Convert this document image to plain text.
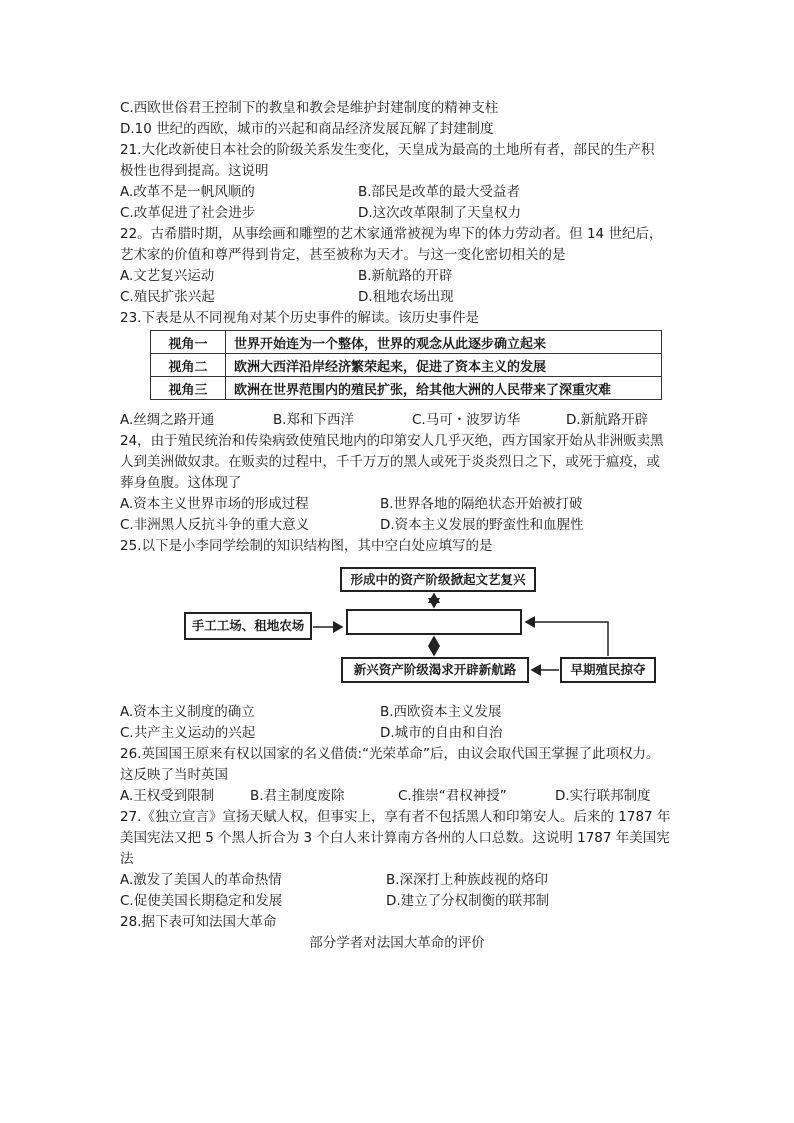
C.西欧世俗君王控制下的教皇和教会是维护封建制度的精神支柱
D.10 世纪的西欧，城市的兴起和商品经济发展瓦解了封建制度
21.大化改新使日本社会的阶级关系发生变化，天皇成为最高的土地所有者，部民的生产积
极性也得到提高。这说明
A.改革不是一帆风顺的	B.部民是改革的最大受益者
C.改革促进了社会进步	D.这次改革限制了天皇权力
22。古希腊时期，从事绘画和雕塑的艺术家通常被视为卑下的体力劳动者。但 14 世纪后，
艺术家的价值和尊严得到肯定，甚至被称为天才。与这一变化密切相关的是
A.文艺复兴运动	B.新航路的开辟
C.殖民扩张兴起	D.租地农场出现
23.下表是从不同视角对某个历史事件的解读。该历史事件是
视角一	世界开始连为一个整体，世界的观念从此逐步确立起来
视角二	欧洲大西洋沿岸经济繁荣起来，促进了资本主义的发展
视角三	欧洲在世界范围内的殖民扩张，给其他大洲的人民带来了深重灾难
A.丝绸之路开通	B.郑和下西洋	C.马可・波罗访华	D.新航路开辟
24，由于殖民统治和传染病致使殖民地内的印第安人几乎灭绝，西方国家开始从非洲贩卖黑
人到美洲做奴隶。在贩卖的过程中，千千万万的黑人或死于炎炎烈日之下，或死于瘟疫，或
葬身鱼腹。这体现了
A.资本主义世界市场的形成过程	B.世界各地的隔绝状态开始被打破
C.非洲黑人反抗斗争的重大意义	D.资本主义发展的野蛮性和血腥性
25.以下是小李同学绘制的知识结构图，其中空白处应填写的是
形成中的资产阶级掀起文艺复兴
手工工场、租地农场
新兴资产阶级渴求开辟新航路	早期殖民掠夺
A.资本主义制度的确立	B.西欧资本主义发展
C.共产主义运动的兴起	D.城市的自由和自治
26.英国国王原来有权以国家的名义借债:“光荣革命”后，由议会取代国王掌握了此项权力。
这反映了当时英国
A.王权受到限制	B.君主制度废除	C.推崇“君权神授”	D.实行联邦制度
27.《独立宣言》宣扬天赋人权，但事实上，享有者不包括黑人和印第安人。后来的 1787 年
美国宪法又把 5 个黑人折合为 3 个白人来计算南方各州的人口总数。这说明 1787 年美国宪
法
A.激发了美国人的革命热情	B.深深打上种族歧视的烙印
C.促使美国长期稳定和发展	D.建立了分权制衡的联邦制
28.据下表可知法国大革命
部分学者对法国大革命的评价
